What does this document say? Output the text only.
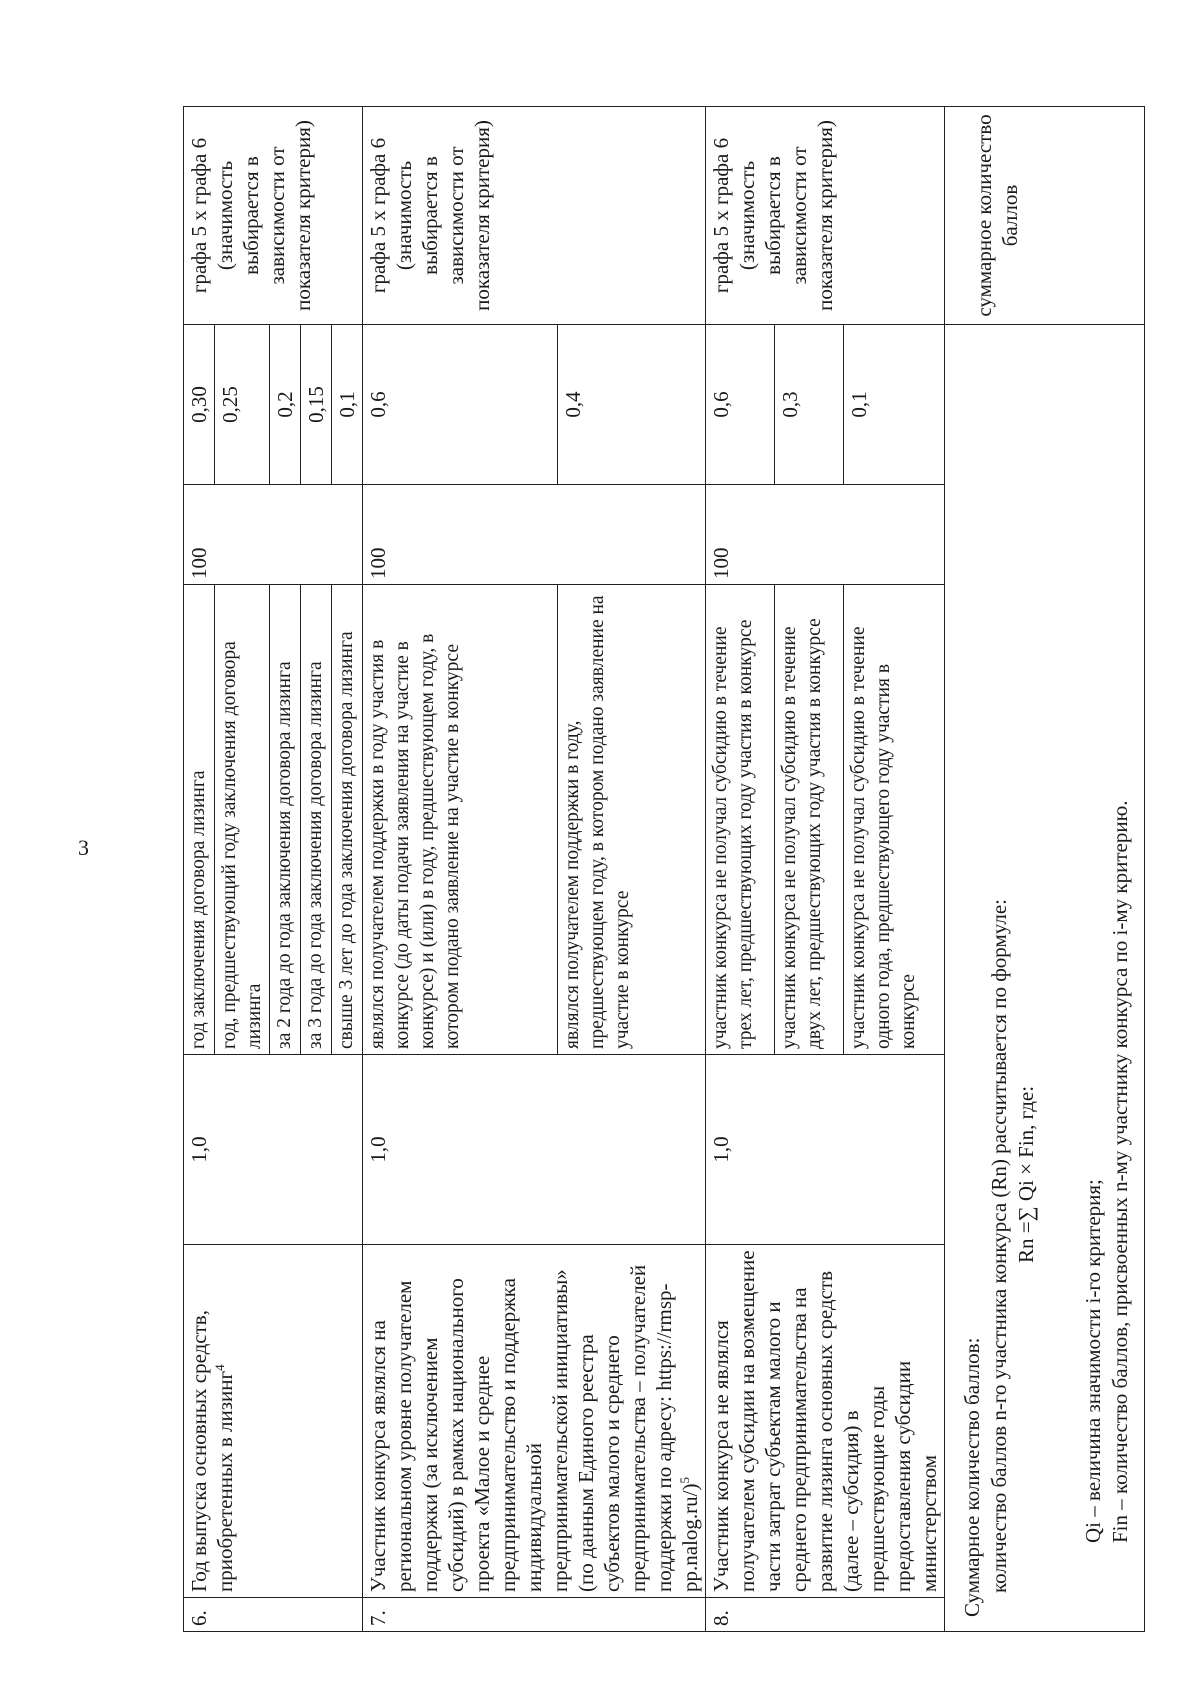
3
6.	Год выпуска основных средств, приобретенных в лизинг$^4$	1,0	год заключения договора лизинга	100	0,30	графа 5 х графа 6 (значимость выбирается в зависимости от показателя критерия)
			год, предшествующий году заключения договора лизинга		0,25	
			за 2 года до года заключения договора лизинга		0,2	
			за 3 года до года заключения договора лизинга		0,15	
			свыше 3 лет до года заключения договора лизинга		0,1	
7.	Участник конкурса являлся на региональном уровне получателем поддержки (за исключением субсидий) в рамках национального проекта «Малое и среднее предпринимательство и поддержка индивидуальной предпринимательской инициативы» (по данным Единого реестра субъектов малого и среднего предпринимательства – получателей поддержки по адресу: https://rmsp-pp.nalog.ru/)$^5$	1,0	являлся получателем поддержки в году участия в конкурсе (до даты подачи заявления на участие в конкурсе) и (или) в году, предшествующем году, в котором подано заявление на участие в конкурсе	100	0,6	графа 5 х графа 6 (значимость выбирается в зависимости от показателя критерия)
			являлся получателем поддержки в году, предшествующем году, в котором подано заявление на участие в конкурсе		0,4	
8.	Участник конкурса не являлся получателем субсидии на возмещение части затрат субъектам малого и среднего предпринимательства на развитие лизинга основных средств (далее – субсидия) в предшествующие годы предоставления субсидии министерством	1,0	участник конкурса не получал субсидию в течение трех лет, предшествующих году участия в конкурсе	100	0,6	графа 5 х графа 6 (значимость выбирается в зависимости от показателя критерия)
			участник конкурса не получал субсидию в течение двух лет, предшествующих году участия в конкурсе		0,3	
			участник конкурса не получал субсидию в течение одного года, предшествующего году участия в конкурсе		0,1	

Суммарное количество баллов: количество баллов n-го участника конкурса (Rn) рассчитывается по формуле: Rn =∑ Qi × Fin, где:
Qi – величина значимости i-го критерия; Fin – количество баллов, присвоенных n-му участнику конкурса по i-му критерию.						суммарное количество баллов
